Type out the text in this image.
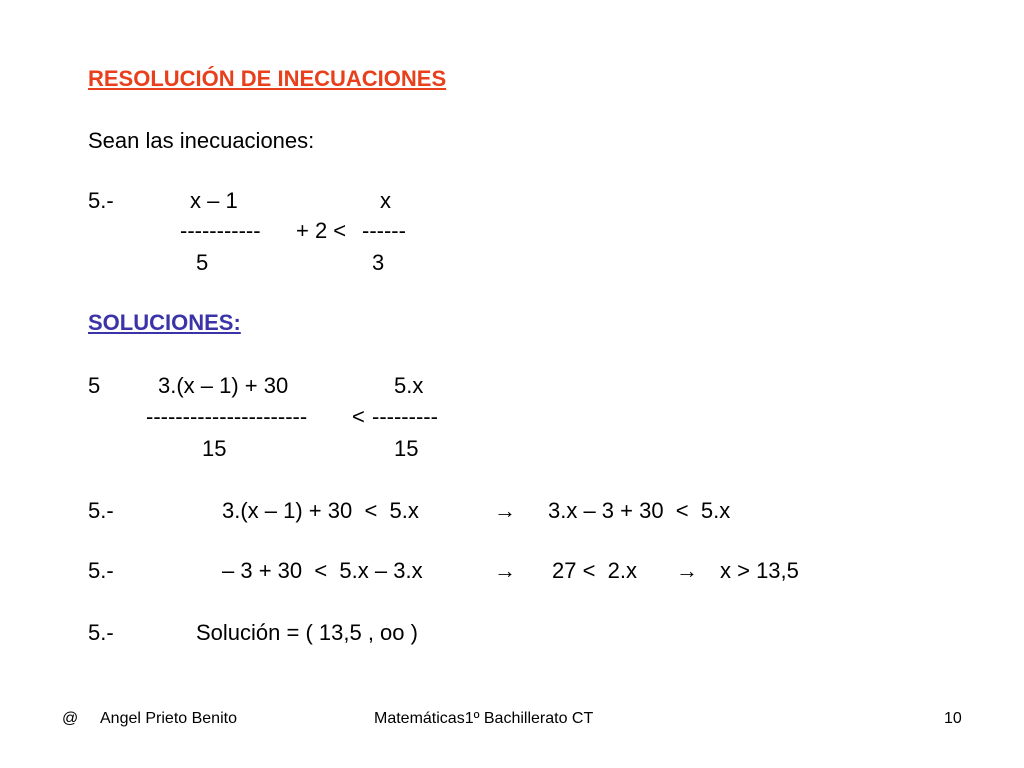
RESOLUCIÓN DE INECUACIONES
Sean las inecuaciones:
5.-	x – 1	x
----------- + 2 < ------
5	3
SOLUCIONES:
5	3.(x – 1) + 30	5.x
---------------------- < ---------
15	15
5.-	3.(x – 1) + 30  <  5.x	→ 3.x – 3 + 30  <  5.x
5.-	– 3 + 30  <  5.x – 3.x	→ 27 <  2.x → x > 13,5
5.-	Solución = ( 13,5 , oo )
@ Angel Prieto Benito	Matemáticas1º Bachillerato CT	10
